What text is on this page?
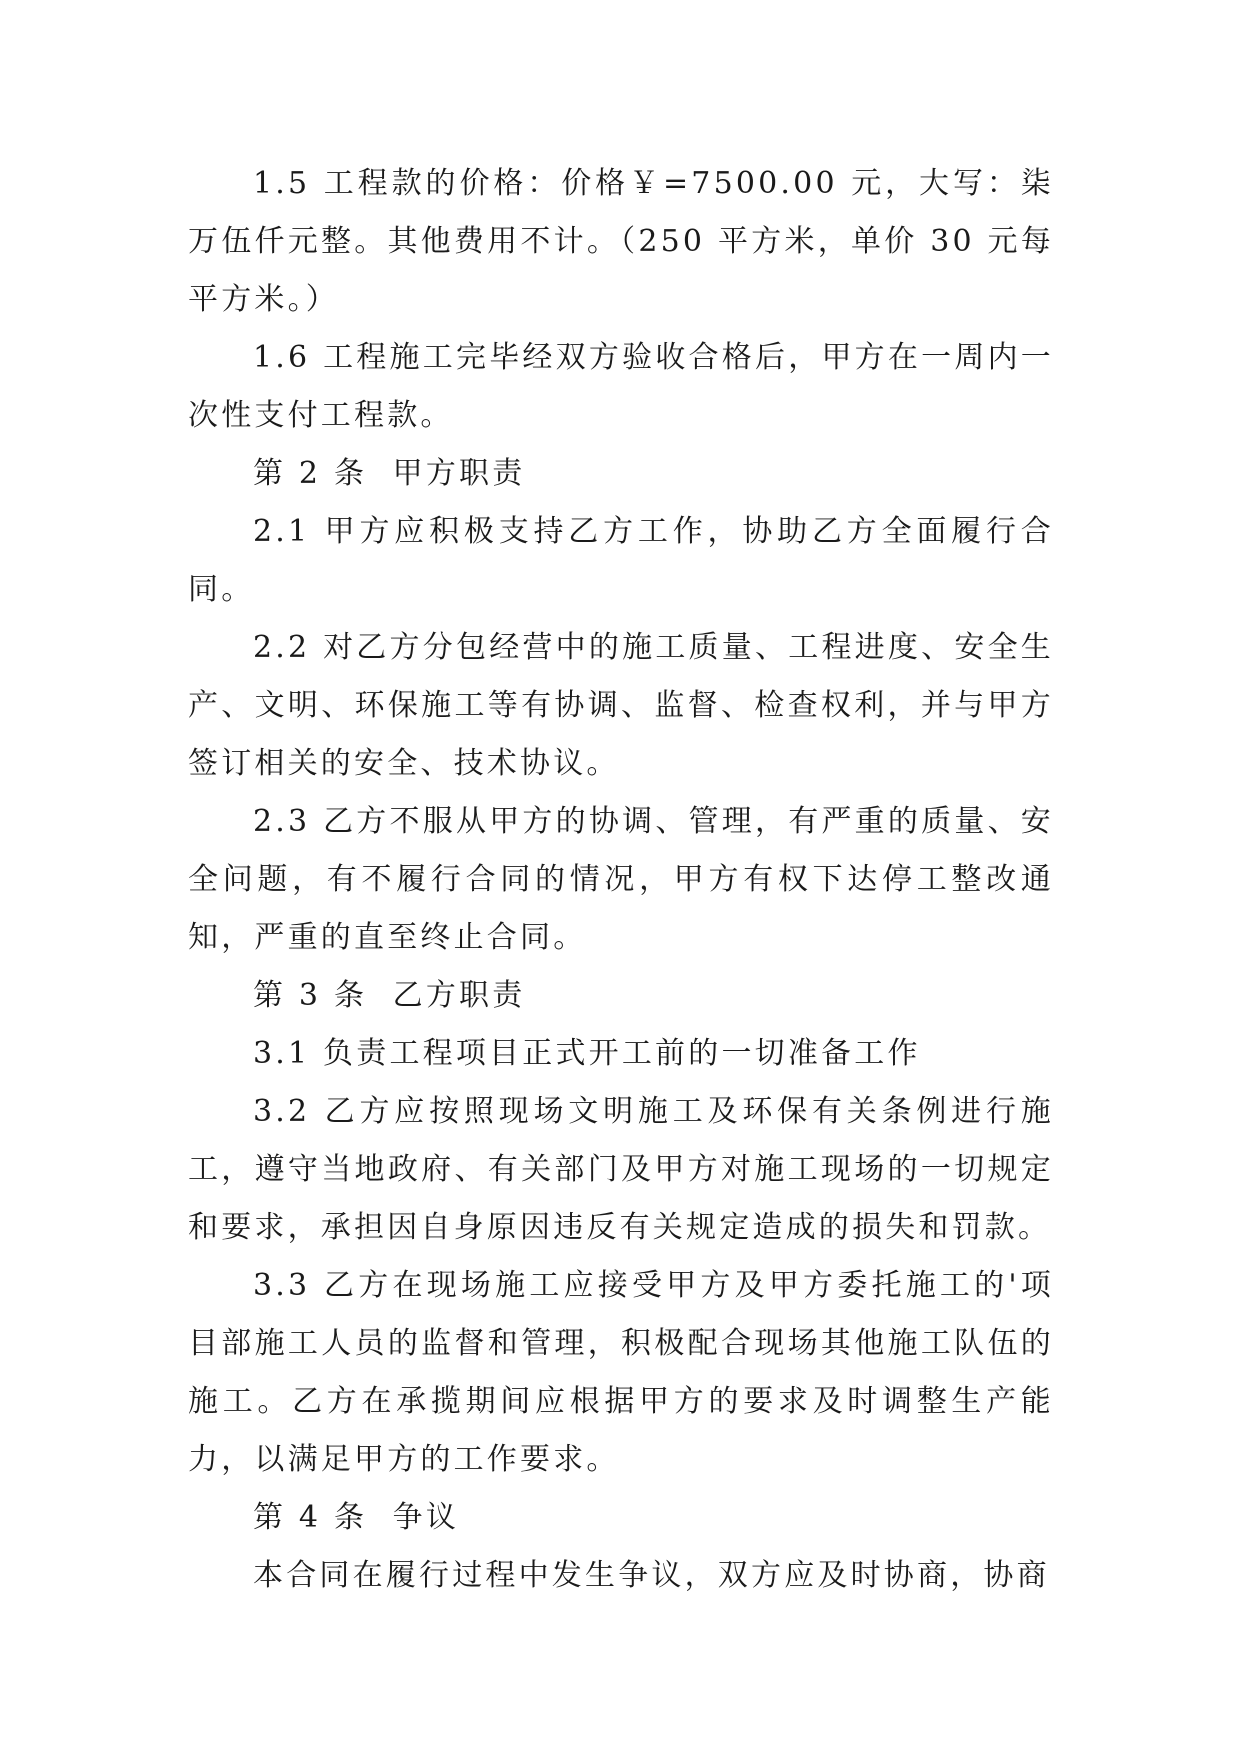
1.5 工程款的价格：价格￥=7500.00 元，大写：柒万伍仟元整。其他费用不计。（250 平方米，单价 30 元每平方米。）

1.6 工程施工完毕经双方验收合格后，甲方在一周内一次性支付工程款。

第 2 条  甲方职责

2.1 甲方应积极支持乙方工作，协助乙方全面履行合同。

2.2 对乙方分包经营中的施工质量、工程进度、安全生产、文明、环保施工等有协调、监督、检查权利，并与甲方签订相关的安全、技术协议。

2.3 乙方不服从甲方的协调、管理，有严重的质量、安全问题，有不履行合同的情况，甲方有权下达停工整改通知，严重的直至终止合同。

第 3 条  乙方职责

3.1 负责工程项目正式开工前的一切准备工作

3.2 乙方应按照现场文明施工及环保有关条例进行施工，遵守当地政府、有关部门及甲方对施工现场的一切规定和要求，承担因自身原因违反有关规定造成的损失和罚款。

3.3 乙方在现场施工应接受甲方及甲方委托施工的'项目部施工人员的监督和管理，积极配合现场其他施工队伍的施工。乙方在承揽期间应根据甲方的要求及时调整生产能力，以满足甲方的工作要求。

第 4 条  争议

本合同在履行过程中发生争议，双方应及时协商，协商
